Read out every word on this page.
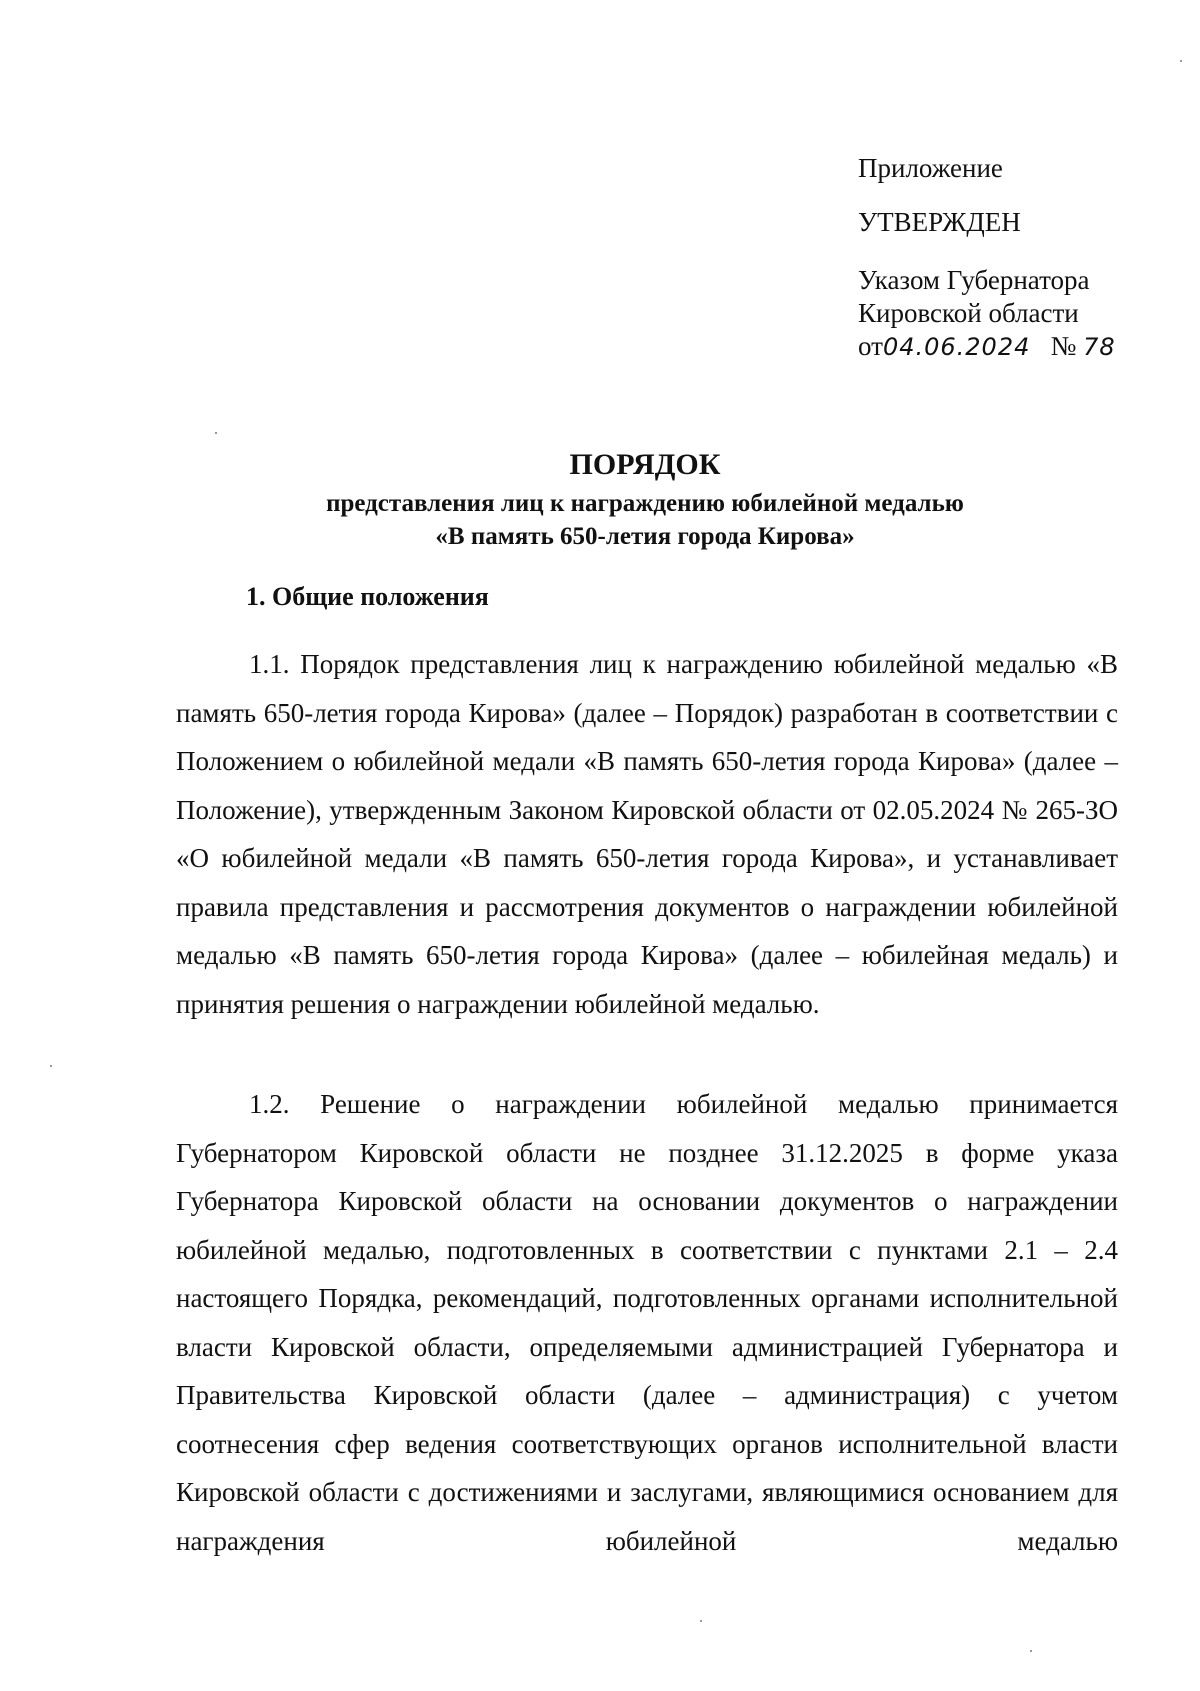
Приложение
УТВЕРЖДЕН
Указом Губернатора
Кировской области
от04.06.2024 № 78
ПОРЯДОК
представления лиц к награждению юбилейной медалью
«В память 650-летия города Кирова»
1. Общие положения
1.1. Порядок представления лиц к награждению юбилейной медалью «В память 650-летия города Кирова» (далее – Порядок) разработан в соответствии с Положением о юбилейной медали «В память 650-летия города Кирова» (далее – Положение), утвержденным Законом Кировской области от 02.05.2024 № 265-ЗО «О юбилейной медали «В память 650-летия города Кирова», и устанавливает правила представления и рассмотрения документов о награждении юбилейной медалью «В память 650-летия города Кирова» (далее – юбилейная медаль) и принятия решения о награждении юбилейной медалью.
1.2. Решение о награждении юбилейной медалью принимается Губернатором Кировской области не позднее 31.12.2025 в форме указа Губернатора Кировской области на основании документов о награждении юбилейной медалью, подготовленных в соответствии с пунктами 2.1 – 2.4 настоящего Порядка, рекомендаций, подготовленных органами исполнительной власти Кировской области, определяемыми администрацией Губернатора и Правительства Кировской области (далее – администрация) с учетом соотнесения сфер ведения соответствующих органов исполнительной власти Кировской области с достижениями и заслугами, являющимися основанием для награждения юбилейной медалью
